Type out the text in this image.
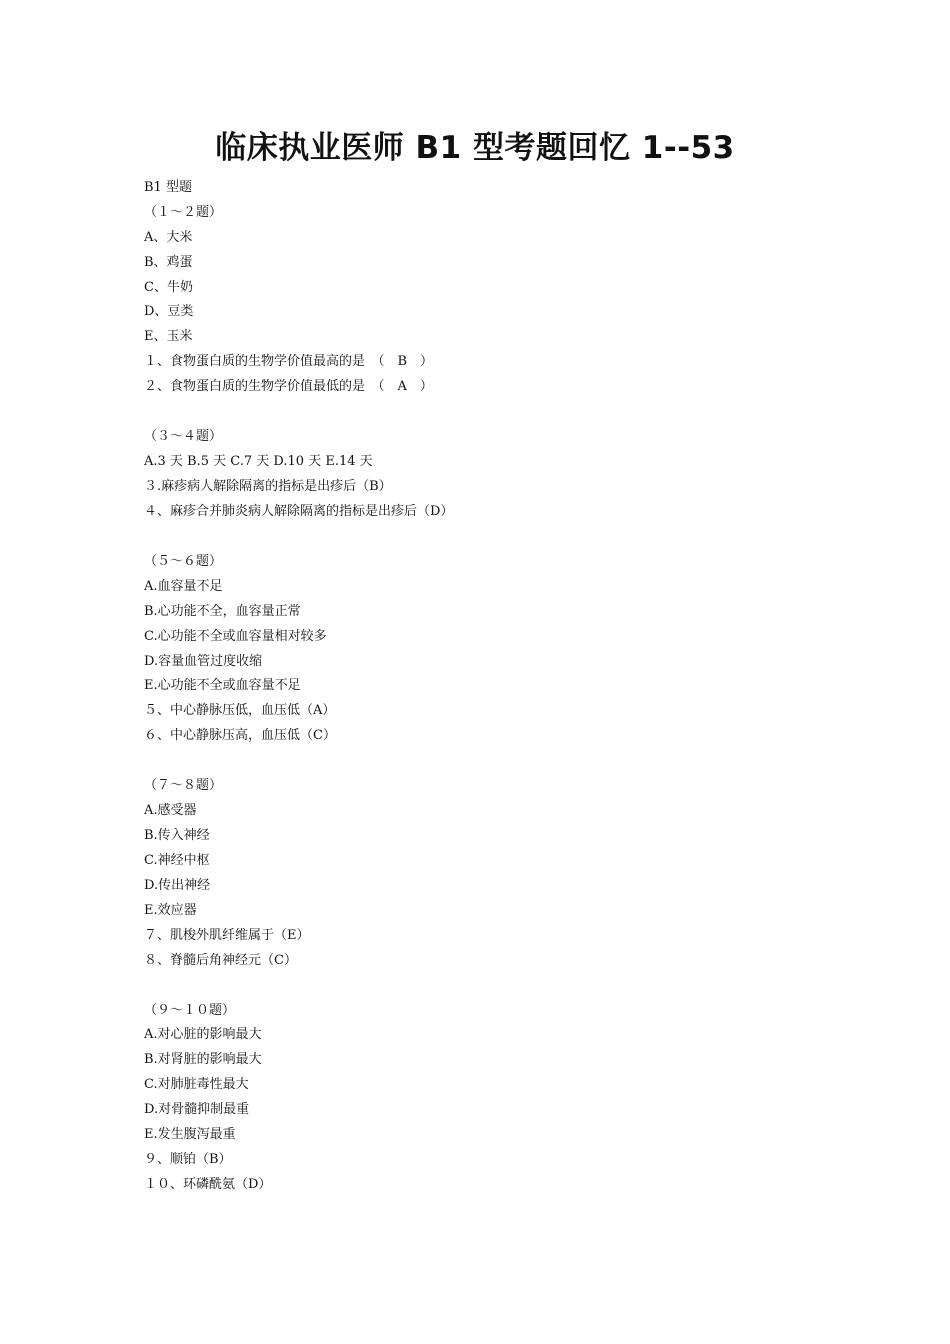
临床执业医师 B1 型考题回忆 1--53
B1 型题
（１～２题）
A、大米
B、鸡蛋
C、牛奶
D、豆类
E、玉米
１、食物蛋白质的生物学价值最高的是　（　B　）
２、食物蛋白质的生物学价值最低的是　（　A　）
（３～４题）
A.3 天 B.5 天 C.7 天 D.10 天 E.14 天
３.麻疹病人解除隔离的指标是出疹后（B）
４、麻疹合并肺炎病人解除隔离的指标是出疹后（D）
（５～６题）
A.血容量不足
B.心功能不全，血容量正常
C.心功能不全或血容量相对较多
D.容量血管过度收缩
E.心功能不全或血容量不足
５、中心静脉压低，血压低（A）
６、中心静脉压高，血压低（C）
（７～８题）
A.感受器
B.传入神经
C.神经中枢
D.传出神经
E.效应器
７、肌梭外肌纤维属于（E）
８、脊髓后角神经元（C）
（９～１０题）
A.对心脏的影响最大
B.对肾脏的影响最大
C.对肺脏毒性最大
D.对骨髓抑制最重
E.发生腹泻最重
９、顺铂（B）
１０、环磷酰氨（D）
